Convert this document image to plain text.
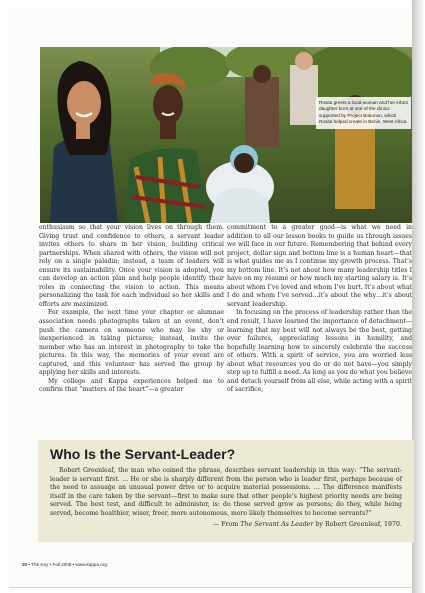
Rosita greets a local woman and her infant daughter born at one of the clinics supported by Project Bokonon, which Rosita helped create in Benin, West Africa.

enthusiasm so that your vision lives on through them. Giving trust and confidence to others, a servant leader invites others to share in her vision, building critical partnerships. When shared with others, the vision will not rely on a single paladin; instead, a team of leaders will ensure its sustainability. Once your vision is adopted, you can develop an action plan and help people identify their roles in connecting the vision to action. This means personalizing the task for each individual so her skills and efforts are maximized.

For example, the next time your chapter or alumnae association needs photographs taken at an event, don’t push the camera on someone who may be shy or inexperienced in taking pictures; instead, invite the member who has an interest in photography to take the pictures. In this way, the memories of your event are captured, and this volunteer has served the group by applying her skills and interests.

My college and Kappa experiences helped me to confirm that “matters of the heart”—a greater

commitment to a greater good—is what we need in addition to all our lesson books to guide us through issues we will face in our future. Remembering that behind every project, dollar sign and bottom line is a human heart—that is what guides me as I continue my growth process. That’s my bottom line. It’s not about how many leadership titles I have on my résumé or how much my starting salary is. It’s about whom I’ve loved and whom I’ve hurt. It’s about what I do and whom I’ve served…it’s about the why…it’s about servant leadership.

In focusing on the process of leadership rather than the end result, I have learned the importance of detachment—learning that my best will not always be the best, getting over failures, appreciating lessons in humility, and hopefully learning how to sincerely celebrate the success of others. With a spirit of service, you are worried less about what resources you do or do not have—you simply step up to fulfill a need. As long as you do what you believe and detach yourself from all else, while acting with a spirit of sacrifice,

Who Is the Servant-Leader?

Robert Greenleaf, the man who coined the phrase, describes servant leadership in this way: “The servant-leader is servant first. … He or she is sharply different from the person who is leader first, perhaps because of the need to assuage an unusual power drive or to acquire material possessions. … The difference manifests itself in the care taken by the servant—first to make sure that other people’s highest priority needs are being served. The best test, and difficult to administer, is: do those served grow as persons; do they, while being served, become healthier, wiser, freer, more autonomous, more likely themselves to become servants?”

— From The Servant As Leader by Robert Greenleaf, 1970.
20 • The Key • Fall 2006 • www.kappa.org
